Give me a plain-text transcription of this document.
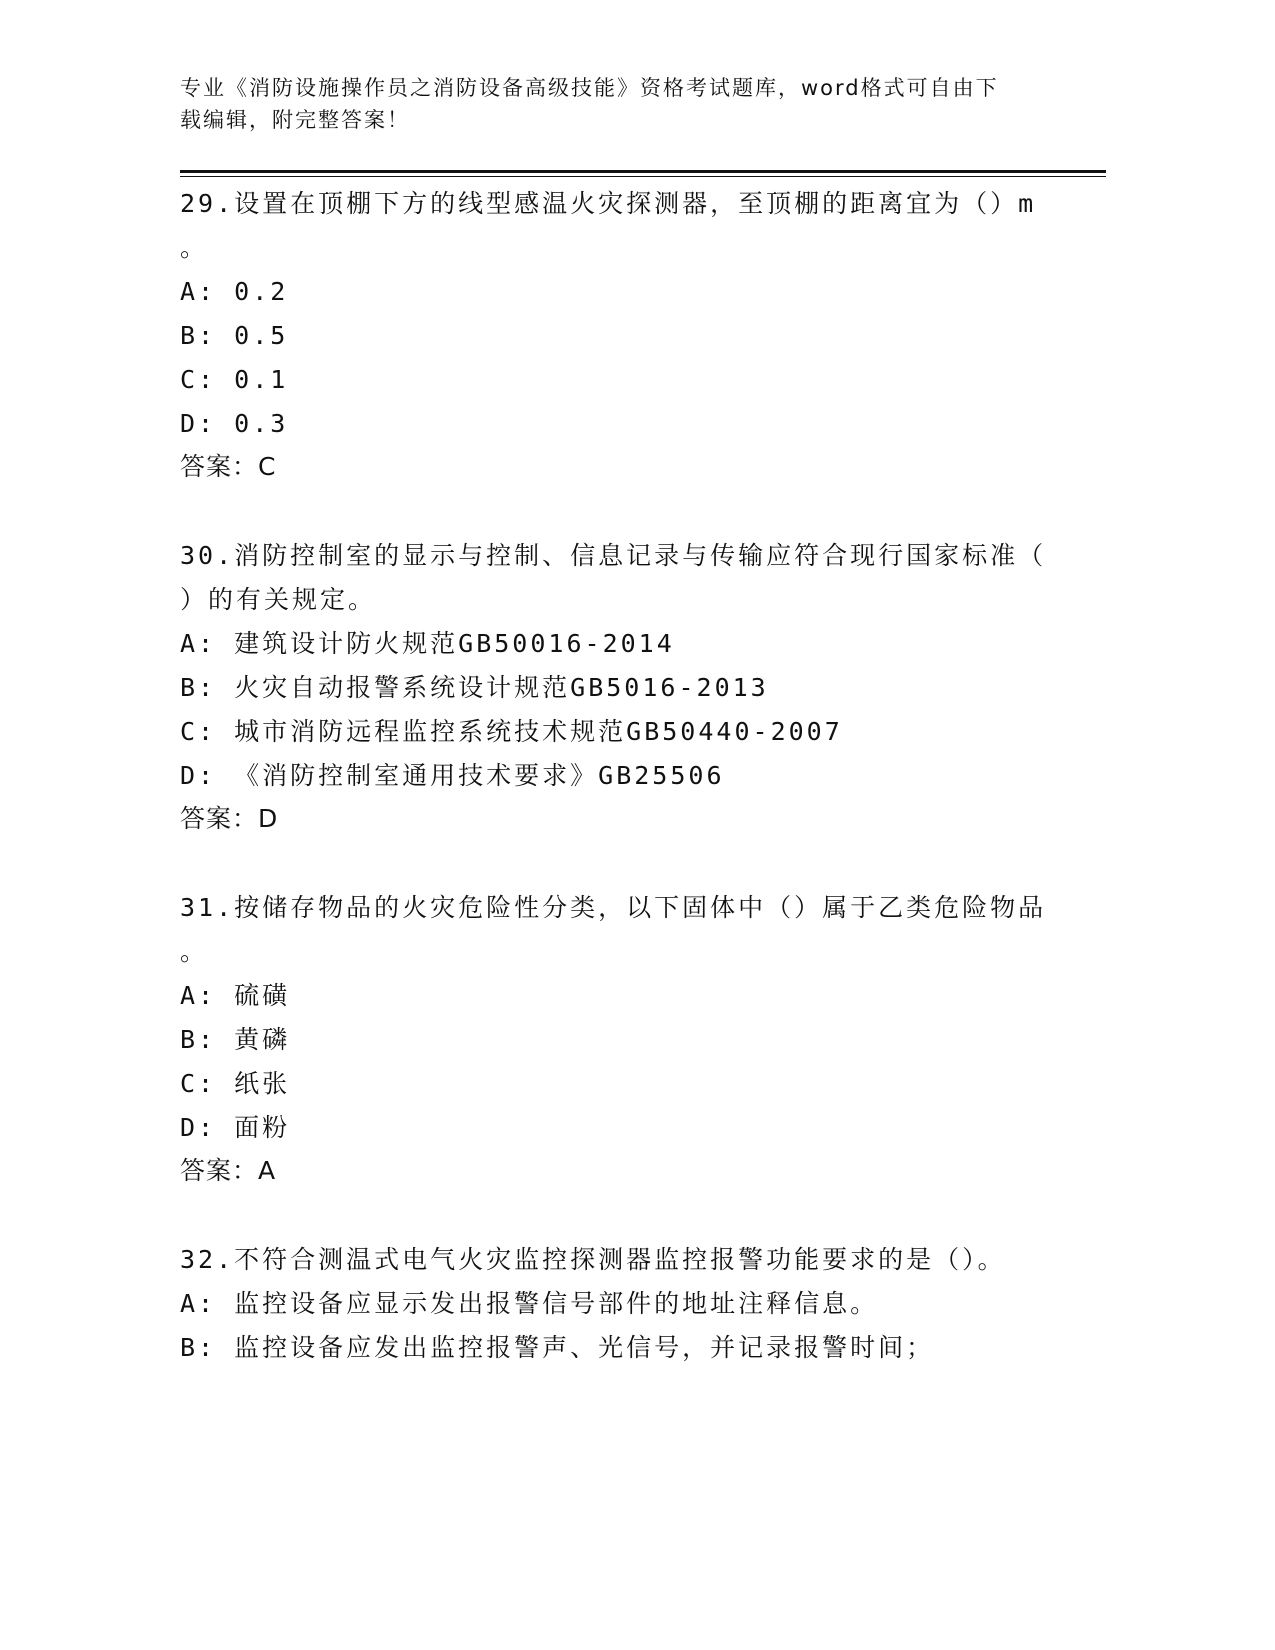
专业《消防设施操作员之消防设备高级技能》资格考试题库，word格式可自由下
载编辑，附完整答案！

29.设置在顶棚下方的线型感温火灾探测器，至顶棚的距离宜为（）m

。

A: 0.2

B: 0.5

C: 0.1

D: 0.3

答案：C

30.消防控制室的显示与控制、信息记录与传输应符合现行国家标准（

）的有关规定。

A: 建筑设计防火规范GB50016-2014

B: 火灾自动报警系统设计规范GB5016-2013

C: 城市消防远程监控系统技术规范GB50440-2007

D: 《消防控制室通用技术要求》GB25506

答案：D

31.按储存物品的火灾危险性分类，以下固体中（）属于乙类危险物品

。

A: 硫磺

B: 黄磷

C: 纸张

D: 面粉

答案：A

32.不符合测温式电气火灾监控探测器监控报警功能要求的是（）。

A: 监控设备应显示发出报警信号部件的地址注释信息。

B: 监控设备应发出监控报警声、光信号，并记录报警时间；
